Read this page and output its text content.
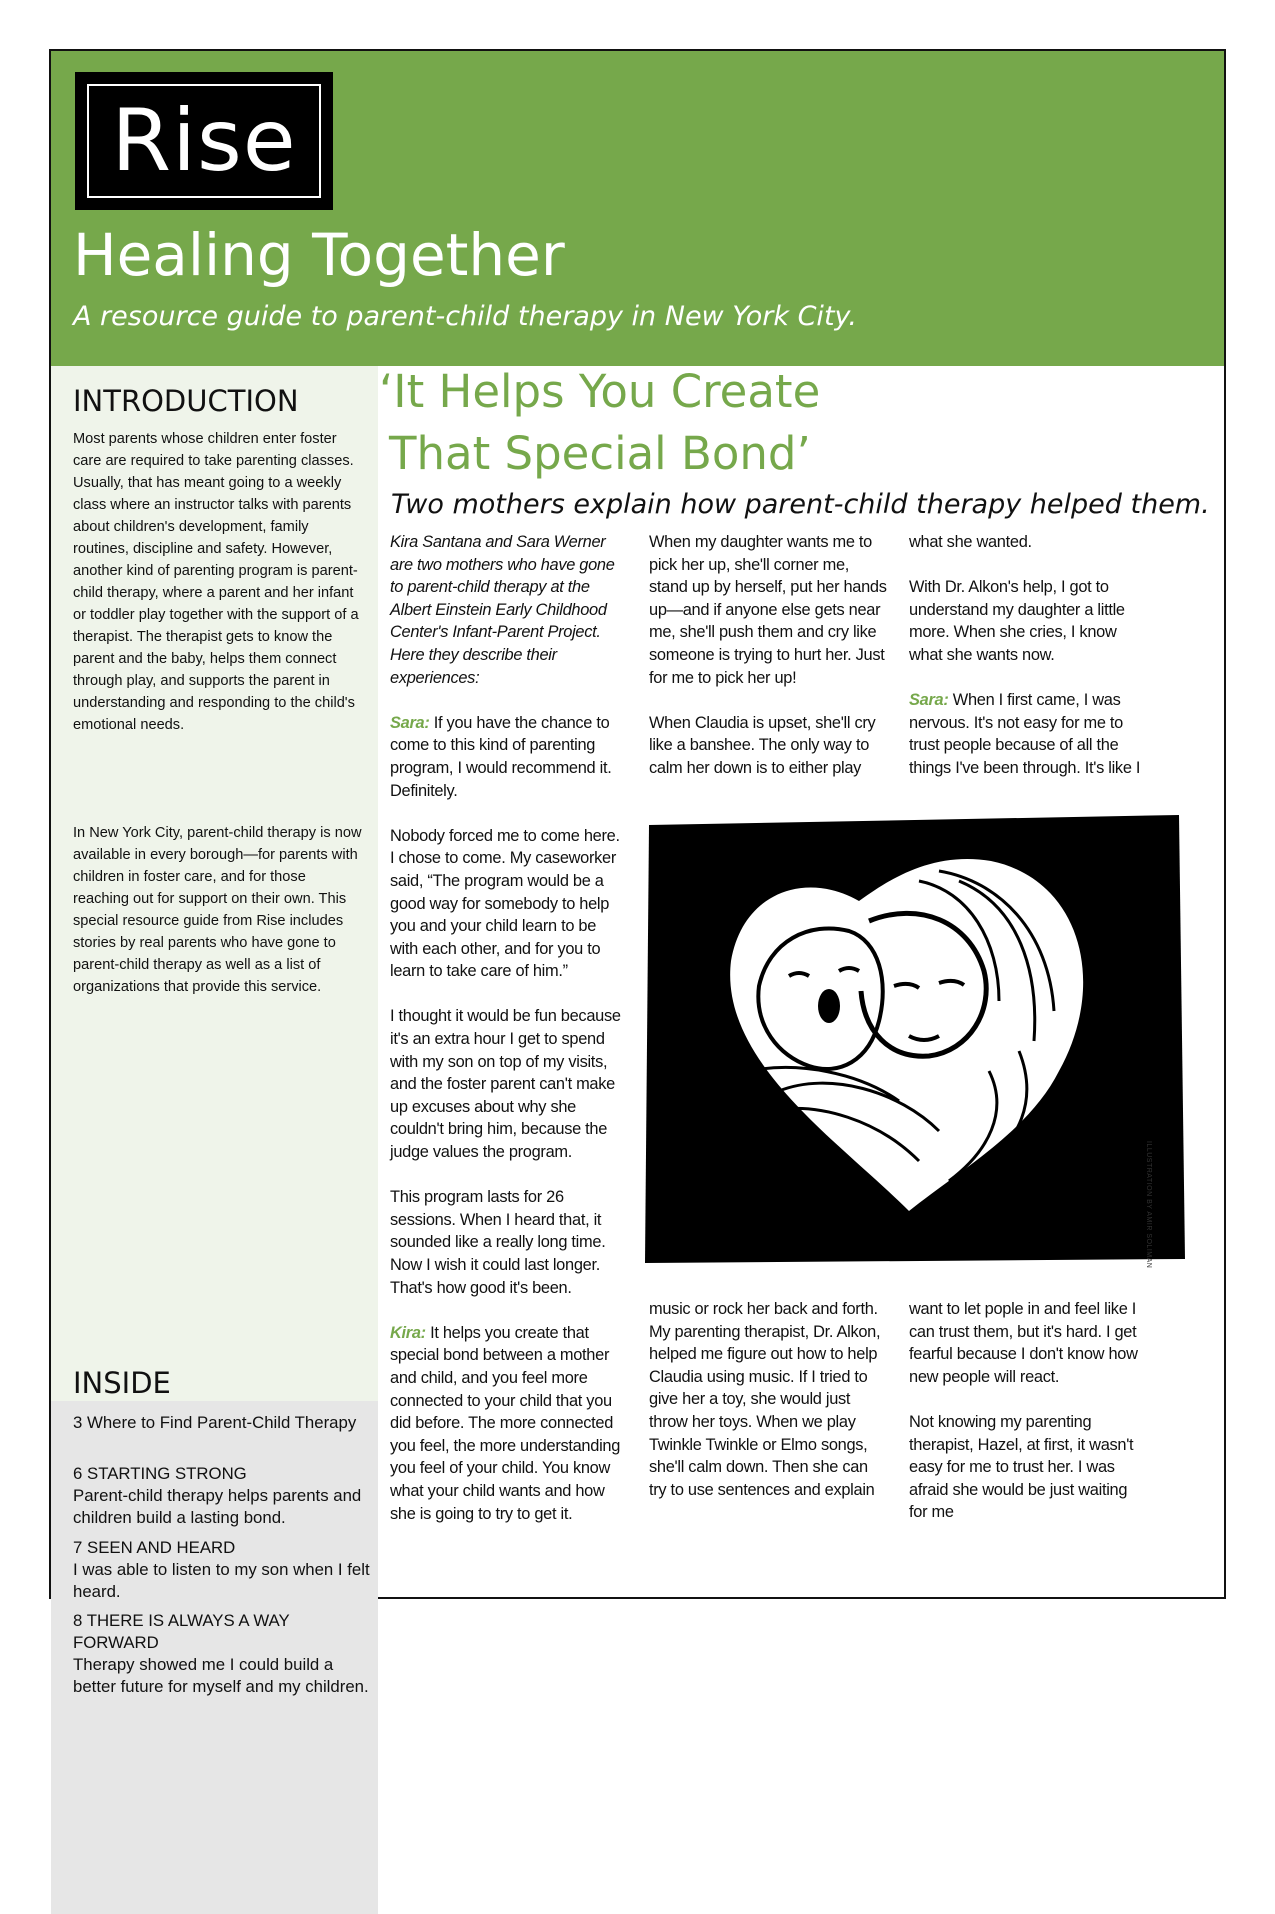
Rise
Healing Together
A resource guide to parent-child therapy in New York City.
INTRODUCTION

Most parents whose children enter foster care are required to take parenting classes. Usually, that has meant going to a weekly class where an instructor talks with parents about children's development, family routines, discipline and safety. However, another kind of parenting program is parent-child therapy, where a parent and her infant or toddler play together with the support of a therapist. The therapist gets to know the parent and the baby, helps them connect through play, and supports the parent in understanding and responding to the child's emotional needs.

In New York City, parent-child therapy is now available in every borough—for parents with children in foster care, and for those reaching out for support on their own. This special resource guide from Rise includes stories by real parents who have gone to parent-child therapy as well as a list of organizations that provide this service.

INSIDE
3 Where to Find Parent-Child Therapy
6 STARTING STRONG
Parent-child therapy helps parents and children build a lasting bond.
7 SEEN AND HEARD
I was able to listen to my son when I felt heard.
8 THERE IS ALWAYS A WAY FORWARD
Therapy showed me I could build a better future for myself and my children.
‘It Helps You Create
That Special Bond’
Two mothers explain how parent-child therapy helped them.

Kira Santana and Sara Werner are two mothers who have gone to parent-child therapy at the Albert Einstein Early Childhood Center's Infant-Parent Project. Here they describe their experiences:

Sara: If you have the chance to come to this kind of parenting program, I would recommend it. Definitely.

Nobody forced me to come here. I chose to come. My caseworker said, “The program would be a good way for somebody to help you and your child learn to be with each other, and for you to learn to take care of him.”

I thought it would be fun because it's an extra hour I get to spend with my son on top of my visits, and the foster parent can't make up excuses about why she couldn't bring him, because the judge values the program.

This program lasts for 26 sessions. When I heard that, it sounded like a really long time. Now I wish it could last longer. That's how good it's been.

Kira: It helps you create that special bond between a mother and child, and you feel more connected to your child that you did before. The more connected you feel, the more understanding you feel of your child. You know what your child wants and how she is going to try to get it.

When my daughter wants me to pick her up, she'll corner me, stand up by herself, put her hands up—and if anyone else gets near me, she'll push them and cry like someone is trying to hurt her. Just for me to pick her up!

When Claudia is upset, she'll cry like a banshee. The only way to calm her down is to either play

what she wanted.

With Dr. Alkon's help, I got to understand my daughter a little more. When she cries, I know what she wants now.

Sara: When I first came, I was nervous. It's not easy for me to trust people because of all the things I've been through. It's like I

ILLUSTRATION BY AMIR SOLIMAN

music or rock her back and forth. My parenting therapist, Dr. Alkon, helped me figure out how to help Claudia using music. If I tried to give her a toy, she would just throw her toys. When we play Twinkle Twinkle or Elmo songs, she'll calm down. Then she can try to use sentences and explain

want to let pople in and feel like I can trust them, but it's hard. I get fearful because I don't know how new people will react.

Not knowing my parenting therapist, Hazel, at first, it wasn't easy for me to trust her. I was afraid she would be just waiting for me
